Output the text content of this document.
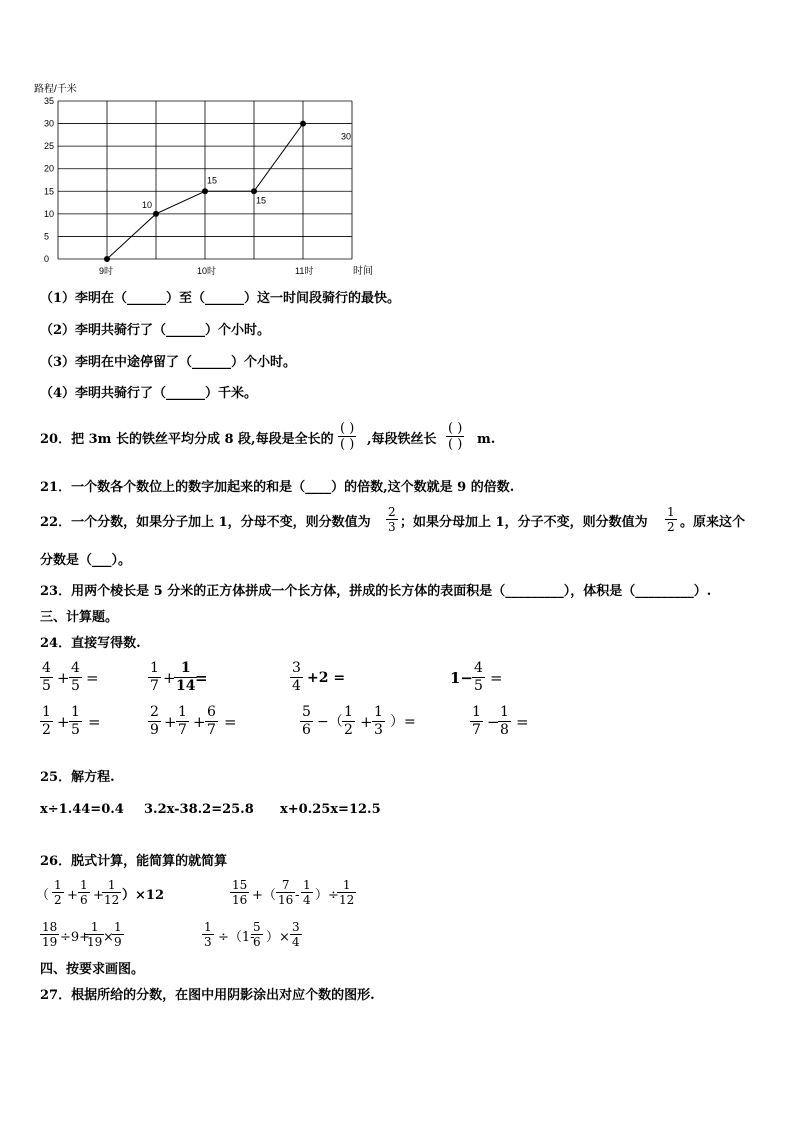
路程/千米
时间
35
30
25
20
15
10
5
0
9时	10时	11时
10
15
15
30
（1）李明在（______）至（______）这一时间段骑行的最快。
（2）李明共骑行了（______）个小时。
（3）李明在中途停留了（______）个小时。
（4）李明共骑行了（______）千米。
20．把 3m 长的铁丝平均分成 8 段,每段是全长的
( )
( ) ,每段铁丝长
( )
( ) m.
21．一个数各个数位上的数字加起来的和是（____）的倍数,这个数就是 9 的倍数.
22．一个分数，如果分子加上 1，分母不变，则分数值为 $\frac{2}{3}$ ；如果分母加上 1，分子不变，则分数值为 $\frac{1}{2}$ 。原来这个
分数是（___）。
23．用两个棱长是 5 分米的正方体拼成一个长方体，拼成的长方体的表面积是（_________），体积是（_________）.
三、计算题。
24．直接写得数.
$\frac{4}{5} + \frac{4}{5}$ =	$\frac{1}{7}$ +
$\frac{1}{14}$
=	$\frac{3}{4} +2$ =	1−
$\frac{4}{5}$ =
$\frac{1}{2} + \frac{1}{5}$ =	$\frac{2}{9} + \frac{1}{7} + \frac{6}{7}$ =	$\frac{5}{6}$ −（ $\frac{1}{2} + \frac{1}{3}$ ）=	$\frac{1}{7}$ −
$\frac{1}{8}$ =
25．解方程.
x÷1.44=0.4 3.2x-38.2=25.8 x+0.25x=12.5
26．脱式计算，能简算的就简算
（ $\frac{1}{2} + \frac{1}{6}$ +
$\frac{1}{12} )\times 12$	$\frac{15}{16}$ +（ $\frac{7}{16} - \frac{1}{4}$ ）÷
$\frac{1}{12}$
$\frac{18}{19} \div 9+$
$\frac{1}{19}$
×
$\frac{1}{9}$	$\frac{1}{3} \div(1-$
$\frac{5}{6}$ ）× $\frac{3}{4}$
四、按要求画图。
27．根据所给的分数，在图中用阴影涂出对应个数的图形.
